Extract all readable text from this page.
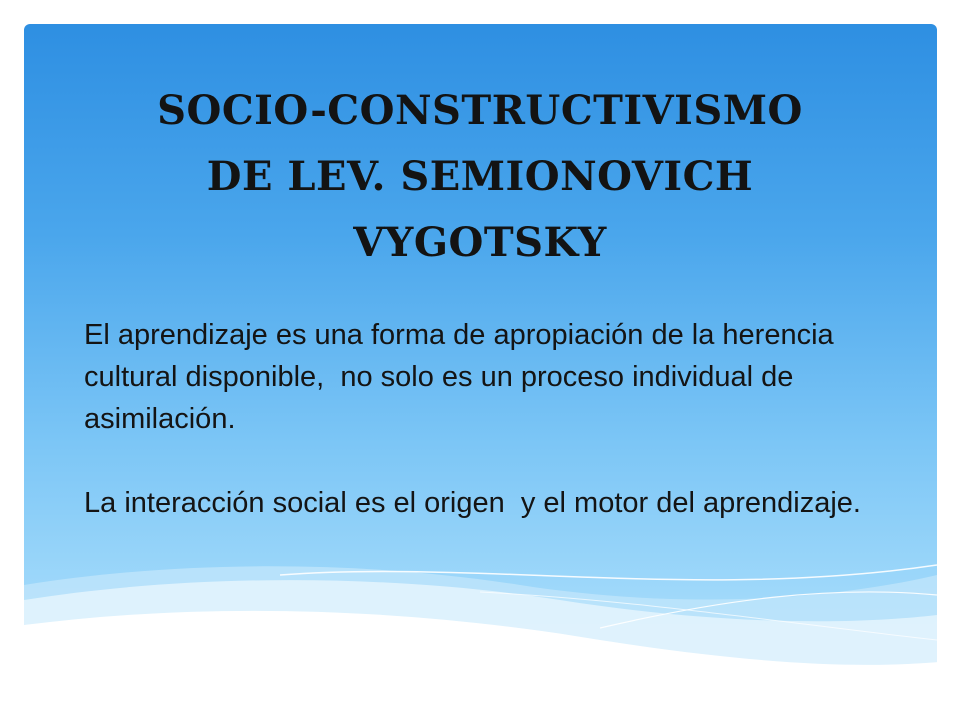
SOCIO-CONSTRUCTIVISMO
DE LEV. SEMIONOVICH
VYGOTSKY

El aprendizaje es una forma de apropiación de la herencia cultural disponible,  no solo es un proceso individual de asimilación.

La interacción social es el origen  y el motor del aprendizaje.
